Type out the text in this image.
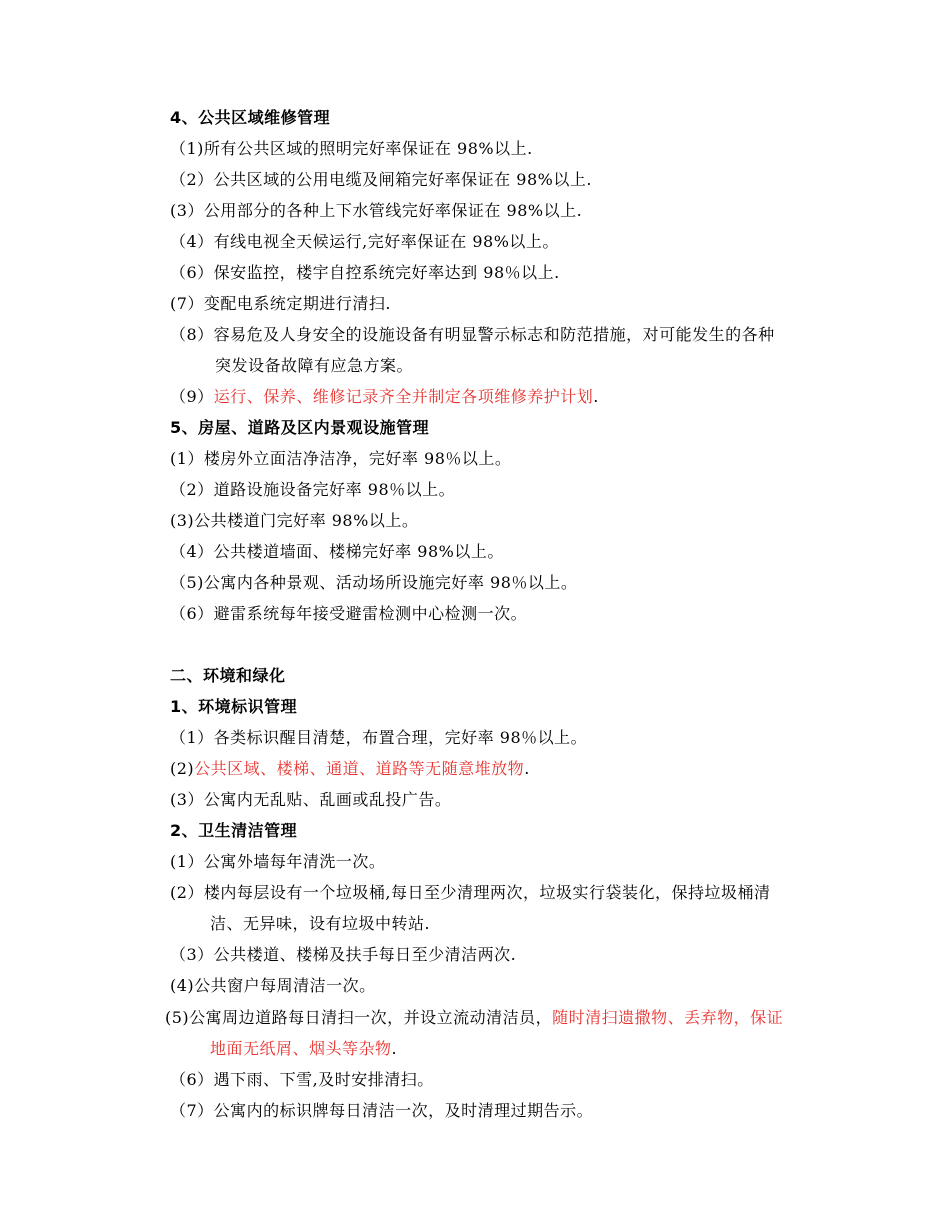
4、公共区域维修管理
（1)所有公共区域的照明完好率保证在 98%以上.
（2）公共区域的公用电缆及闸箱完好率保证在 98%以上.
(3）公用部分的各种上下水管线完好率保证在 98%以上.
（4）有线电视全天候运行,完好率保证在 98%以上。
（6）保安监控，楼宇自控系统完好率达到 98％以上.
(7）变配电系统定期进行清扫.
（8）容易危及人身安全的设施设备有明显警示标志和防范措施，对可能发生的各种
突发设备故障有应急方案。
（9）运行、保养、维修记录齐全并制定各项维修养护计划.
5、房屋、道路及区内景观设施管理
(1）楼房外立面洁净洁净，完好率 98％以上。
（2）道路设施设备完好率 98％以上。
(3)公共楼道门完好率 98%以上。
（4）公共楼道墙面、楼梯完好率 98%以上。
（5)公寓内各种景观、活动场所设施完好率 98％以上。
（6）避雷系统每年接受避雷检测中心检测一次。
二、环境和绿化
1、环境标识管理
（1）各类标识醒目清楚，布置合理，完好率 98％以上。
(2)公共区域、楼梯、通道、道路等无随意堆放物.
(3）公寓内无乱贴、乱画或乱投广告。
2、卫生清洁管理
(1）公寓外墙每年清洗一次。
(2）楼内每层设有一个垃圾桶,每日至少清理两次，垃圾实行袋装化，保持垃圾桶清
洁、无异味，设有垃圾中转站.
（3）公共楼道、楼梯及扶手每日至少清洁两次.
(4)公共窗户每周清洁一次。
(5)公寓周边道路每日清扫一次，并设立流动清洁员，随时清扫遗撒物、丢弃物，保证
地面无纸屑、烟头等杂物.
（6）遇下雨、下雪,及时安排清扫。
（7）公寓内的标识牌每日清洁一次，及时清理过期告示。
